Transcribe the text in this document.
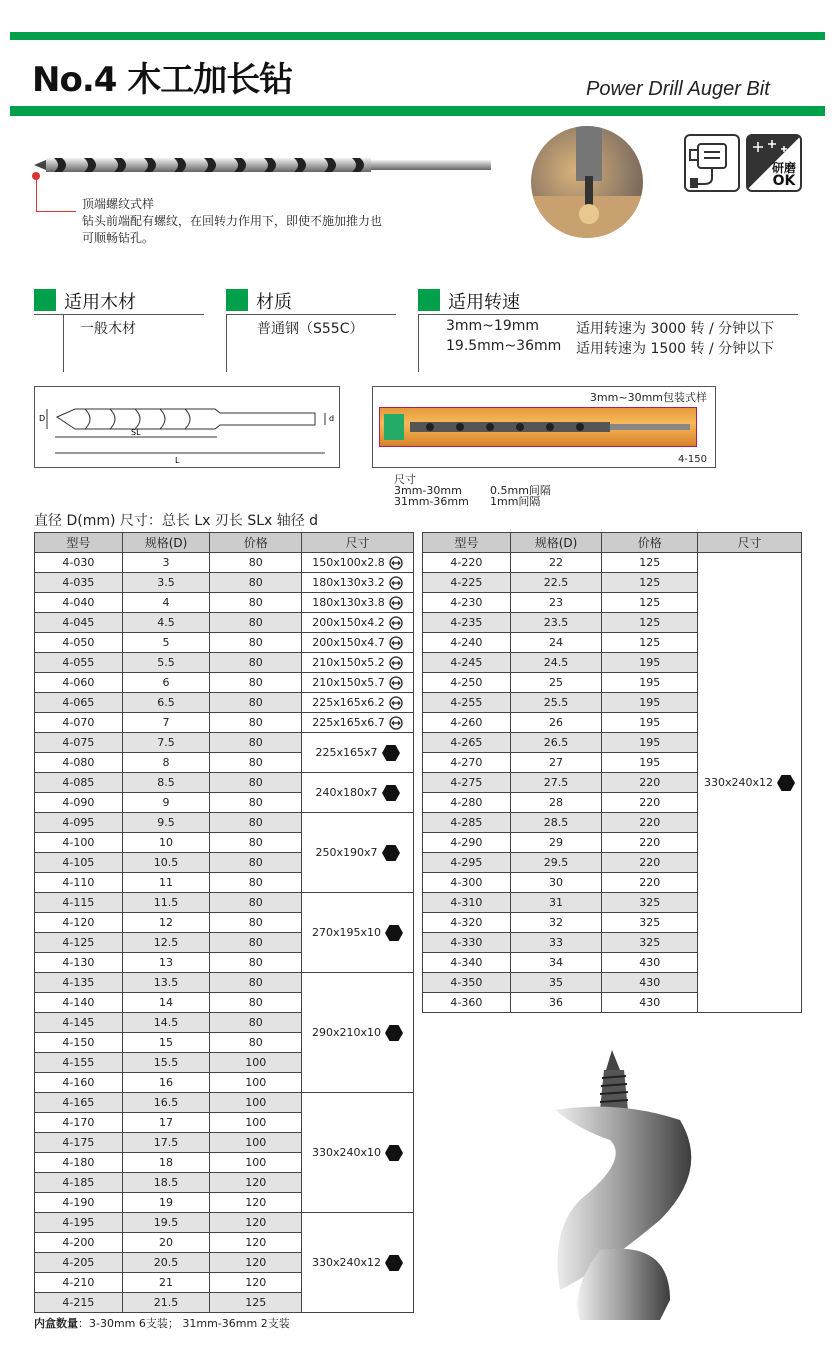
No.4 木工加长钻	Power Drill Auger Bit
顶端螺纹式样
钻头前端配有螺纹，在回转力作用下，即使不施加推力也
可顺畅钻孔。
研磨
OK
适用木材
一般木材
材质
普通钢（S55C）
适用转速
3mm~19mm	适用转速为 3000 转 / 分钟以下
19.5mm~36mm 适用转速为 1500 转 / 分钟以下
D
SL
L
d
3mm~30mm包装式样
4-150
尺寸
3mm-30mm	0.5mm间隔
31mm-36mm 1mm间隔
直径 D(mm) 尺寸：总长 Lx 刃长 SLx 轴径 d
型号	规格(D)	价格	尺寸
4-030	3	80	150x100x2.8
4-035	3.5	80	180x130x3.2
4-040	4	80	180x130x3.8
4-045	4.5	80	200x150x4.2
4-050	5	80	200x150x4.7
4-055	5.5	80	210x150x5.2
4-060	6	80	210x150x5.7
4-065	6.5	80	225x165x6.2
4-070	7	80	225x165x6.7
4-075	7.5	80	225x165x7
4-080	8	80	
4-085	8.5	80	240x180x7
4-090	9	80	
4-095	9.5	80	250x190x7
4-100	10	80	
4-105	10.5	80	
4-110	11	80	
4-115	11.5	80	270x195x10
4-120	12	80	
4-125	12.5	80	
4-130	13	80	
4-135	13.5	80	290x210x10
4-140	14	80	
4-145	14.5	80	
4-150	15	80	
4-155	15.5	100	
4-160	16	100	
4-165	16.5	100	330x240x10
4-170	17	100	
4-175	17.5	100	
4-180	18	100	
4-185	18.5	120	
4-190	19	120	
4-195	19.5	120	330x240x12
4-200	20	120	
4-205	20.5	120	
4-210	21	120	
4-215	21.5	125	
型号	规格(D)	价格	尺寸
4-220	22	125	330x240x12
4-225	22.5	125	
4-230	23	125	
4-235	23.5	125	
4-240	24	125	
4-245	24.5	195	
4-250	25	195	
4-255	25.5	195	
4-260	26	195	
4-265	26.5	195	
4-270	27	195	
4-275	27.5	220	
4-280	28	220	
4-285	28.5	220	
4-290	29	220	
4-295	29.5	220	
4-300	30	220	
4-310	31	325	
4-320	32	325	
4-330	33	325	
4-340	34	430	
4-350	35	430	
4-360	36	430	
内盒数量：3-30mm 6支装； 31mm-36mm 2支装
